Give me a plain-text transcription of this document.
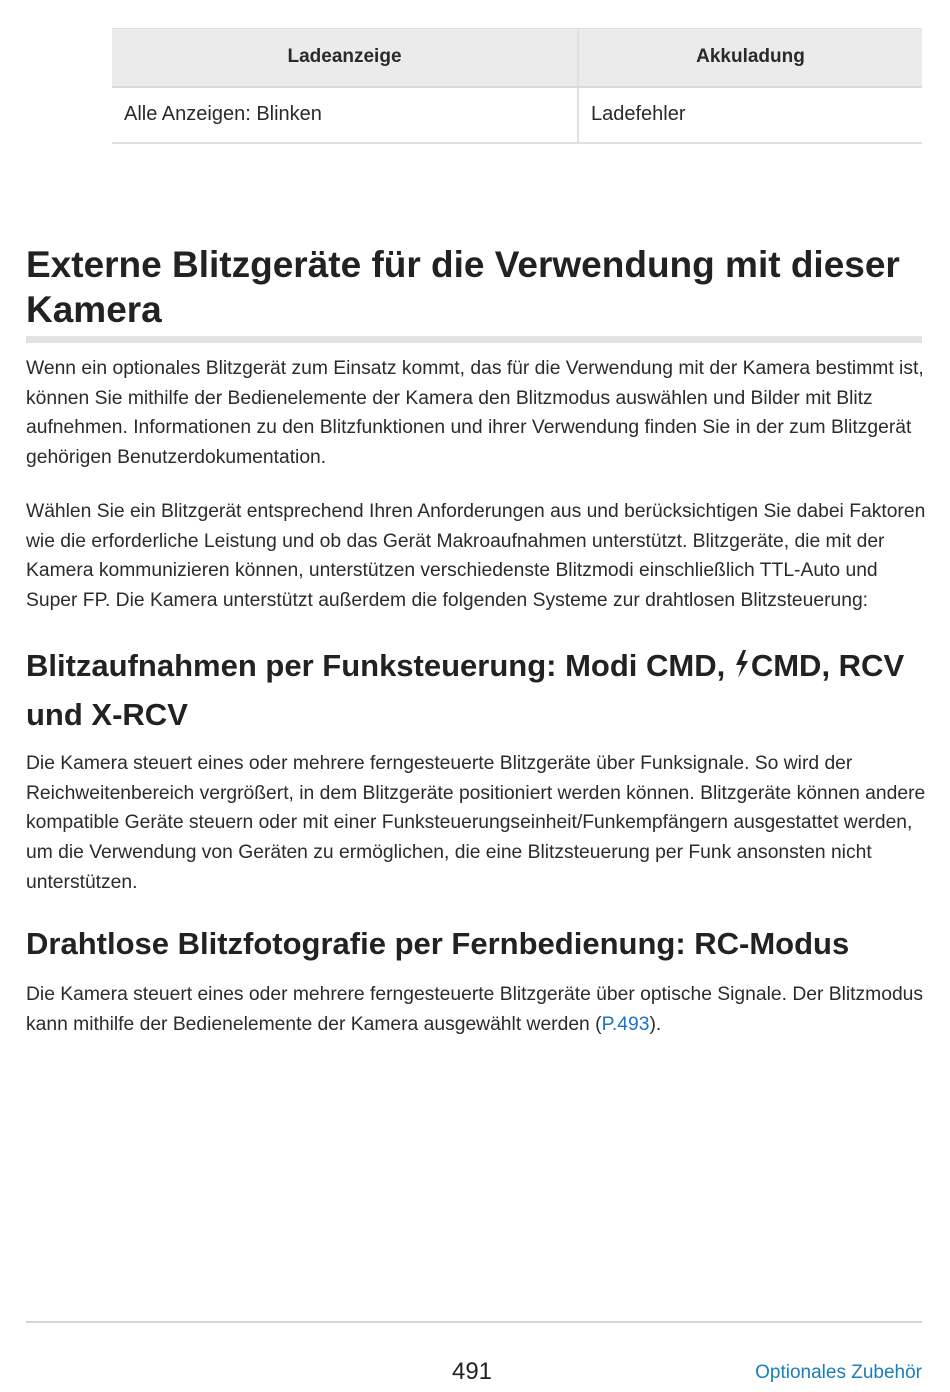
Ladeanzeige	Akkuladung
Alle Anzeigen: Blinken	Ladefehler
Externe Blitzgeräte für die Verwendung mit dieser Kamera

Wenn ein optionales Blitzgerät zum Einsatz kommt, das für die Verwendung mit der Kamera bestimmt ist, können Sie mithilfe der Bedienelemente der Kamera den Blitzmodus auswählen und Bilder mit Blitz aufnehmen. Informationen zu den Blitzfunktionen und ihrer Verwendung finden Sie in der zum Blitzgerät gehörigen Benutzerdokumentation.

Wählen Sie ein Blitzgerät entsprechend Ihren Anforderungen aus und berücksichtigen Sie dabei Faktoren wie die erforderliche Leistung und ob das Gerät Makroaufnahmen unterstützt. Blitzgeräte, die mit der Kamera kommunizieren können, unterstützen verschiedenste Blitzmodi einschließlich TTL-Auto und Super FP. Die Kamera unterstützt außerdem die folgenden Systeme zur drahtlosen Blitzsteuerung:

Blitzaufnahmen per Funksteuerung: Modi CMD, CMD, RCV und X-RCV

Die Kamera steuert eines oder mehrere ferngesteuerte Blitzgeräte über Funksignale. So wird der Reichweitenbereich vergrößert, in dem Blitzgeräte positioniert werden können. Blitzgeräte können andere kompatible Geräte steuern oder mit einer Funksteuerungseinheit/Funkempfängern ausgestattet werden, um die Verwendung von Geräten zu ermöglichen, die eine Blitzsteuerung per Funk ansonsten nicht unterstützen.

Drahtlose Blitzfotografie per Fernbedienung: RC-Modus

Die Kamera steuert eines oder mehrere ferngesteuerte Blitzgeräte über optische Signale. Der Blitzmodus kann mithilfe der Bedienelemente der Kamera ausgewählt werden (P.493).

491	Optionales Zubehör
